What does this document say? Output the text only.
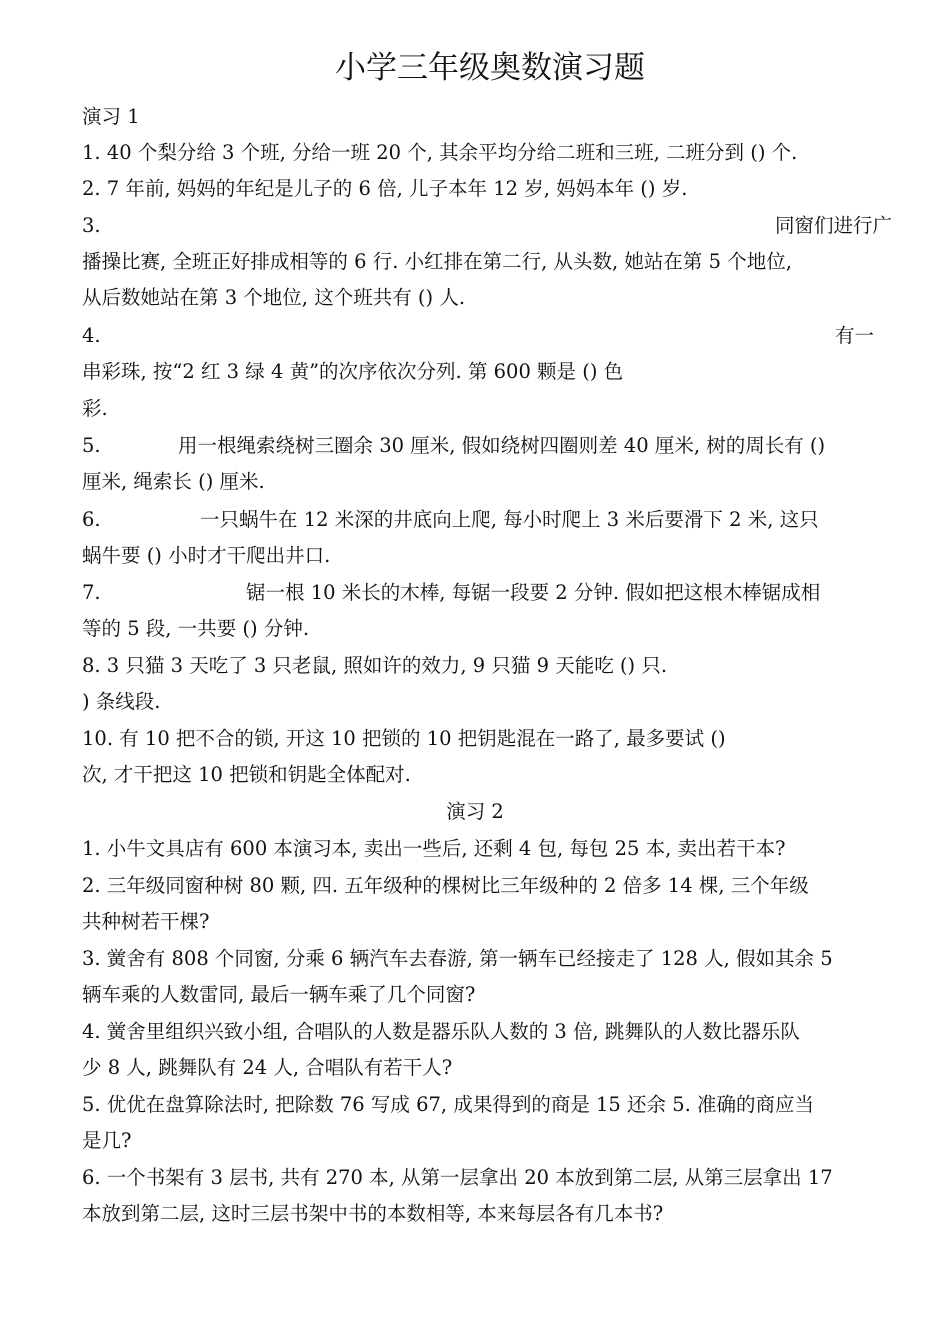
小学三年级奥数演习题
演习 1
1. 40 个梨分给 3 个班, 分给一班 20 个, 其余平均分给二班和三班, 二班分到 () 个.
2. 7 年前, 妈妈的年纪是儿子的 6 倍, 儿子本年 12 岁, 妈妈本年 () 岁.
3.	同窗们进行广
播操比赛, 全班正好排成相等的 6 行. 小红排在第二行, 从头数, 她站在第 5 个地位,
从后数她站在第 3 个地位, 这个班共有 () 人.
4.	有一
串彩珠, 按“2 红 3 绿 4 黄”的次序依次分列. 第 600 颗是 () 色
彩.
5.	用一根绳索绕树三圈余 30 厘米, 假如绕树四圈则差 40 厘米, 树的周长有 ()
厘米, 绳索长 () 厘米.
6.	一只蜗牛在 12 米深的井底向上爬, 每小时爬上 3 米后要滑下 2 米, 这只
蜗牛要 () 小时才干爬出井口.
7.	锯一根 10 米长的木棒, 每锯一段要 2 分钟. 假如把这根木棒锯成相
等的 5 段, 一共要 () 分钟.
8. 3 只猫 3 天吃了 3 只老鼠, 照如许的效力, 9 只猫 9 天能吃 () 只.
) 条线段.
10. 有 10 把不合的锁, 开这 10 把锁的 10 把钥匙混在一路了, 最多要试 ()
次, 才干把这 10 把锁和钥匙全体配对.
演习 2
1. 小牛文具店有 600 本演习本, 卖出一些后, 还剩 4 包, 每包 25 本, 卖出若干本?
2. 三年级同窗种树 80 颗, 四. 五年级种的棵树比三年级种的 2 倍多 14 棵, 三个年级
共种树若干棵?
3. 黉舍有 808 个同窗, 分乘 6 辆汽车去春游, 第一辆车已经接走了 128 人, 假如其余 5
辆车乘的人数雷同, 最后一辆车乘了几个同窗?
4. 黉舍里组织兴致小组, 合唱队的人数是器乐队人数的 3 倍, 跳舞队的人数比器乐队
少 8 人, 跳舞队有 24 人, 合唱队有若干人?
5. 优优在盘算除法时, 把除数 76 写成 67, 成果得到的商是 15 还余 5. 准确的商应当
是几?
6. 一个书架有 3 层书, 共有 270 本, 从第一层拿出 20 本放到第二层, 从第三层拿出 17
本放到第二层, 这时三层书架中书的本数相等, 本来每层各有几本书?
